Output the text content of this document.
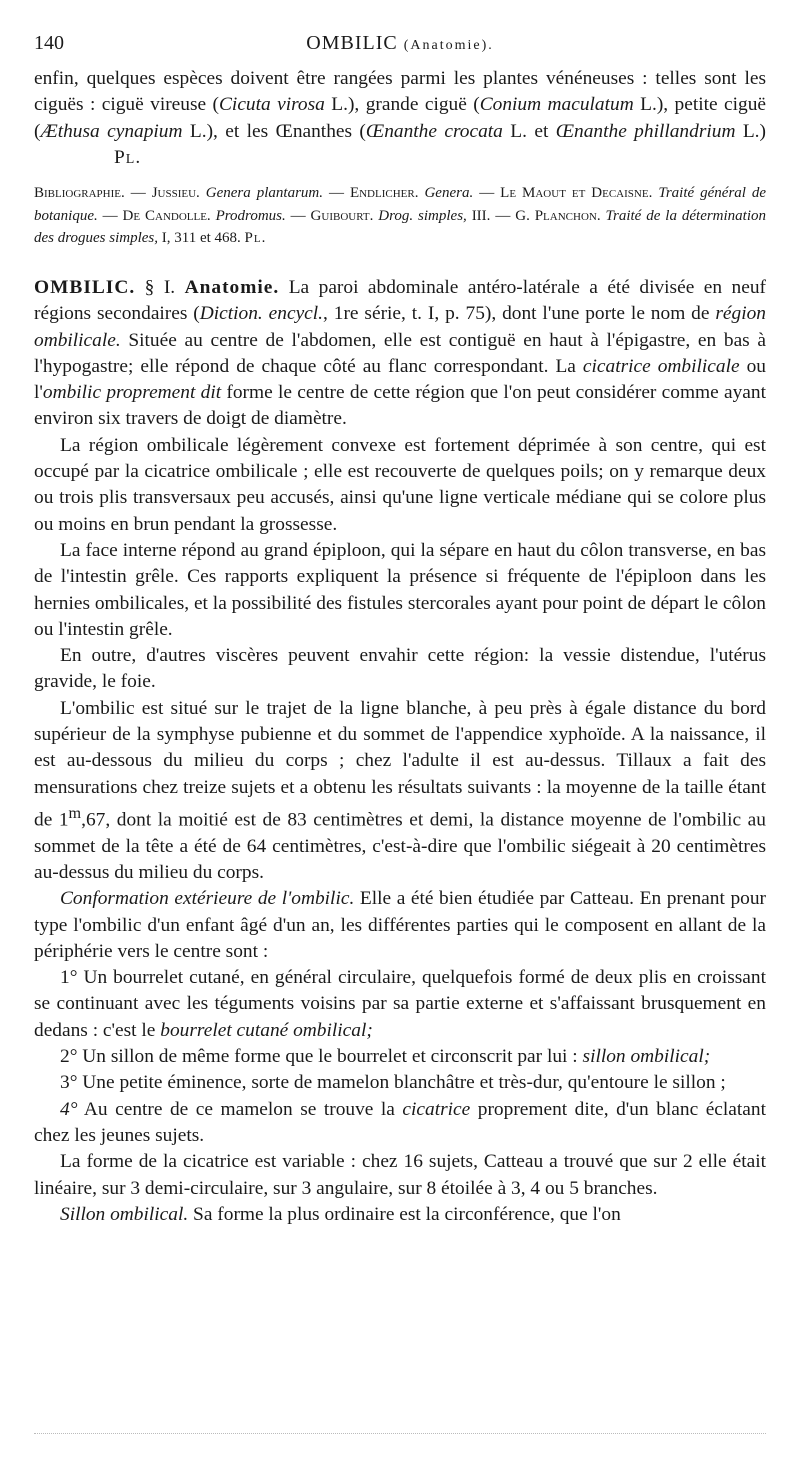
140	OMBILIC (Anatomie).

enfin, quelques espèces doivent être rangées parmi les plantes vénéneuses : telles sont les ciguës : ciguë vireuse (Cicuta virosa L.), grande ciguë (Conium maculatum L.), petite ciguë (Æthusa cynapium L.), et les Œnanthes (Œnanthe crocata L. et Œnanthe phillandrium L.)Pl.

Bibliographie. — Jussieu. Genera plantarum. — Endlicher. Genera. — Le Maout et Decaisne. Traité général de botanique. — De Candolle. Prodromus. — Guibourt. Drog. simples, III. — G. Planchon. Traité de la détermination des drogues simples, I, 311 et 468. Pl.

OMBILIC. § I. Anatomie. La paroi abdominale antéro-latérale a été divisée en neuf régions secondaires (Diction. encycl., 1re série, t. I, p. 75), dont l'une porte le nom de région ombilicale. Située au centre de l'abdomen, elle est contiguë en haut à l'épigastre, en bas à l'hypogastre; elle répond de chaque côté au flanc correspondant. La cicatrice ombilicale ou l'ombilic proprement dit forme le centre de cette région que l'on peut considérer comme ayant environ six travers de doigt de diamètre.

La région ombilicale légèrement convexe est fortement déprimée à son centre, qui est occupé par la cicatrice ombilicale ; elle est recouverte de quelques poils; on y remarque deux ou trois plis transversaux peu accusés, ainsi qu'une ligne verticale médiane qui se colore plus ou moins en brun pendant la grossesse.

La face interne répond au grand épiploon, qui la sépare en haut du côlon transverse, en bas de l'intestin grêle. Ces rapports expliquent la présence si fréquente de l'épiploon dans les hernies ombilicales, et la possibilité des fistules stercorales ayant pour point de départ le côlon ou l'intestin grêle.

En outre, d'autres viscères peuvent envahir cette région: la vessie distendue, l'utérus gravide, le foie.

L'ombilic est situé sur le trajet de la ligne blanche, à peu près à égale distance du bord supérieur de la symphyse pubienne et du sommet de l'appendice xyphoïde. A la naissance, il est au-dessous du milieu du corps ; chez l'adulte il est au-dessus. Tillaux a fait des mensurations chez treize sujets et a obtenu les résultats suivants : la moyenne de la taille étant de 1$^m$,67, dont la moitié est de 83 centimètres et demi, la distance moyenne de l'ombilic au sommet de la tête a été de 64 centimètres, c'est-à-dire que l'ombilic siégeait à 20 centimètres au-dessus du milieu du corps.

Conformation extérieure de l'ombilic. Elle a été bien étudiée par Catteau. En prenant pour type l'ombilic d'un enfant âgé d'un an, les différentes parties qui le composent en allant de la périphérie vers le centre sont :

1° Un bourrelet cutané, en général circulaire, quelquefois formé de deux plis en croissant se continuant avec les téguments voisins par sa partie externe et s'affaissant brusquement en dedans : c'est le bourrelet cutané ombilical;

2° Un sillon de même forme que le bourrelet et circonscrit par lui : sillon ombilical;

3° Une petite éminence, sorte de mamelon blanchâtre et très-dur, qu'entoure le sillon ;

4° Au centre de ce mamelon se trouve la cicatrice proprement dite, d'un blanc éclatant chez les jeunes sujets.

La forme de la cicatrice est variable : chez 16 sujets, Catteau a trouvé que sur 2 elle était linéaire, sur 3 demi-circulaire, sur 3 angulaire, sur 8 étoilée à 3, 4 ou 5 branches.

Sillon ombilical. Sa forme la plus ordinaire est la circonférence, que l'on
